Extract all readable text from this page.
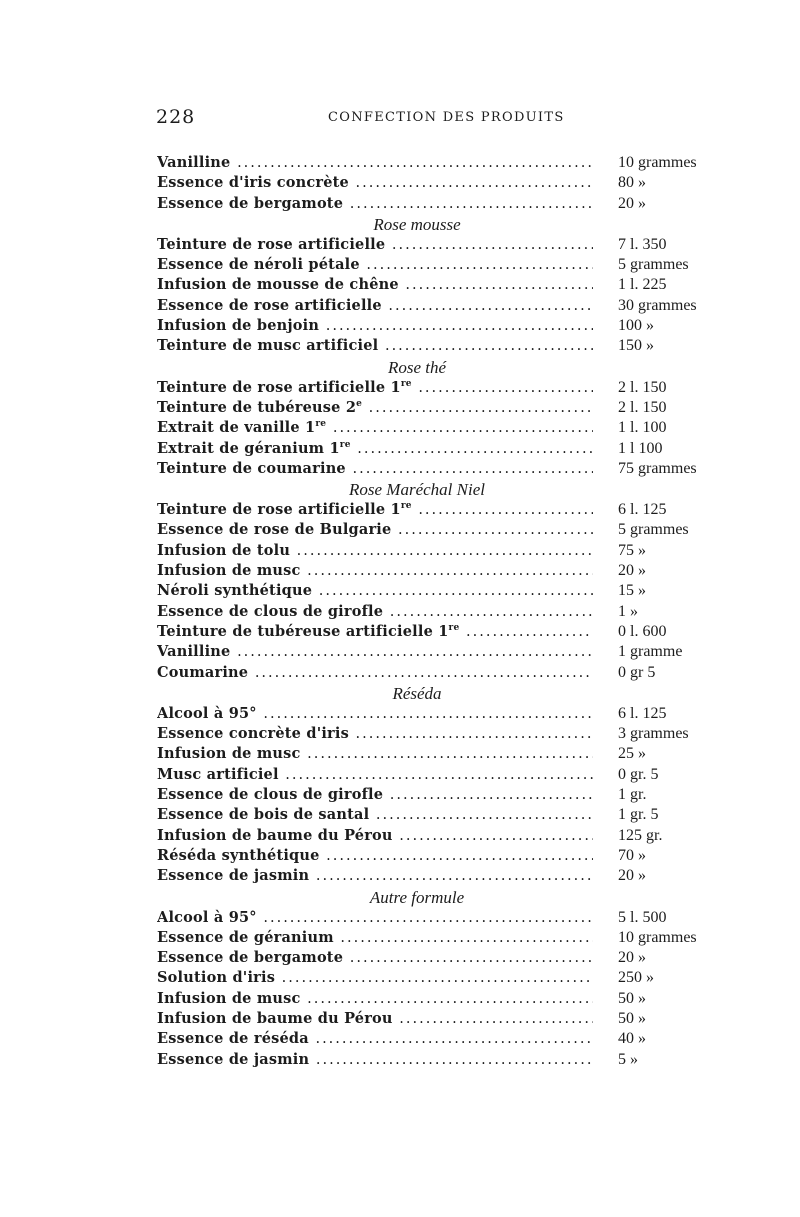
228	CONFECTION DES PRODUITS
Vanilline .....	10 grammes
Essence d'iris concrète .....	80 »
Essence de bergamote .....	20 »
Rose mousse
Teinture de rose artificielle .....	7 l. 350
Essence de néroli pétale .....	5 grammes
Infusion de mousse de chêne .....	1 l. 225
Essence de rose artificielle .....	30 grammes
Infusion de benjoin .....	100 »
Teinture de musc artificiel .....	150 »
Rose thé
Teinture de rose artificielle 1re .....	2 l. 150
Teinture de tubéreuse 2e .....	2 l. 150
Extrait de vanille 1re .....	1 l. 100
Extrait de géranium 1re .....	1 l 100
Teinture de coumarine .....	75 grammes
Rose Maréchal Niel
Teinture de rose artificielle 1re .....	6 l. 125
Essence de rose de Bulgarie .....	5 grammes
Infusion de tolu .....	75 »
Infusion de musc .....	20 »
Néroli synthétique .....	15 »
Essence de clous de girofle .....	1 »
Teinture de tubéreuse artificielle 1re .....	0 l. 600
Vanilline .....	1 gramme
Coumarine .....	0 gr 5
Réséda
Alcool à 95° .....	6 l. 125
Essence concrète d'iris .....	3 grammes
Infusion de musc .....	25 »
Musc artificiel .....	0 gr. 5
Essence de clous de girofle .....	1 gr.
Essence de bois de santal .....	1 gr. 5
Infusion de baume du Pérou .....	125 gr.
Réséda synthétique .....	70 »
Essence de jasmin .....	20 »
Autre formule
Alcool à 95° .....	5 l. 500
Essence de géranium .....	10 grammes
Essence de bergamote .....	20 »
Solution d'iris .....	250 »
Infusion de musc .....	50 »
Infusion de baume du Pérou .....	50 »
Essence de réséda .....	40 »
Essence de jasmin .....	5 »
